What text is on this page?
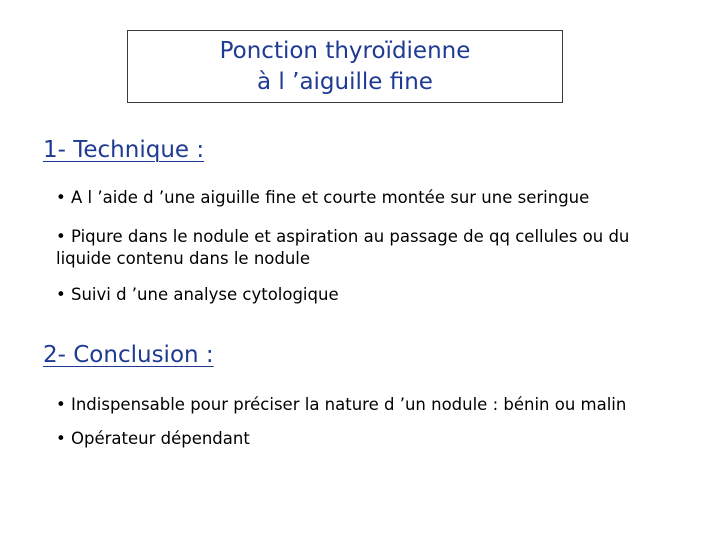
Ponction thyroïdienne
à l ’aiguille fine
1- Technique :
• A l ’aide d ’une aiguille fine et courte montée sur une seringue
• Piqure dans le nodule et aspiration au passage de qq cellules ou du liquide contenu dans le nodule
• Suivi d ’une analyse cytologique
2- Conclusion :
• Indispensable pour préciser la nature d ’un nodule : bénin ou malin
• Opérateur dépendant
